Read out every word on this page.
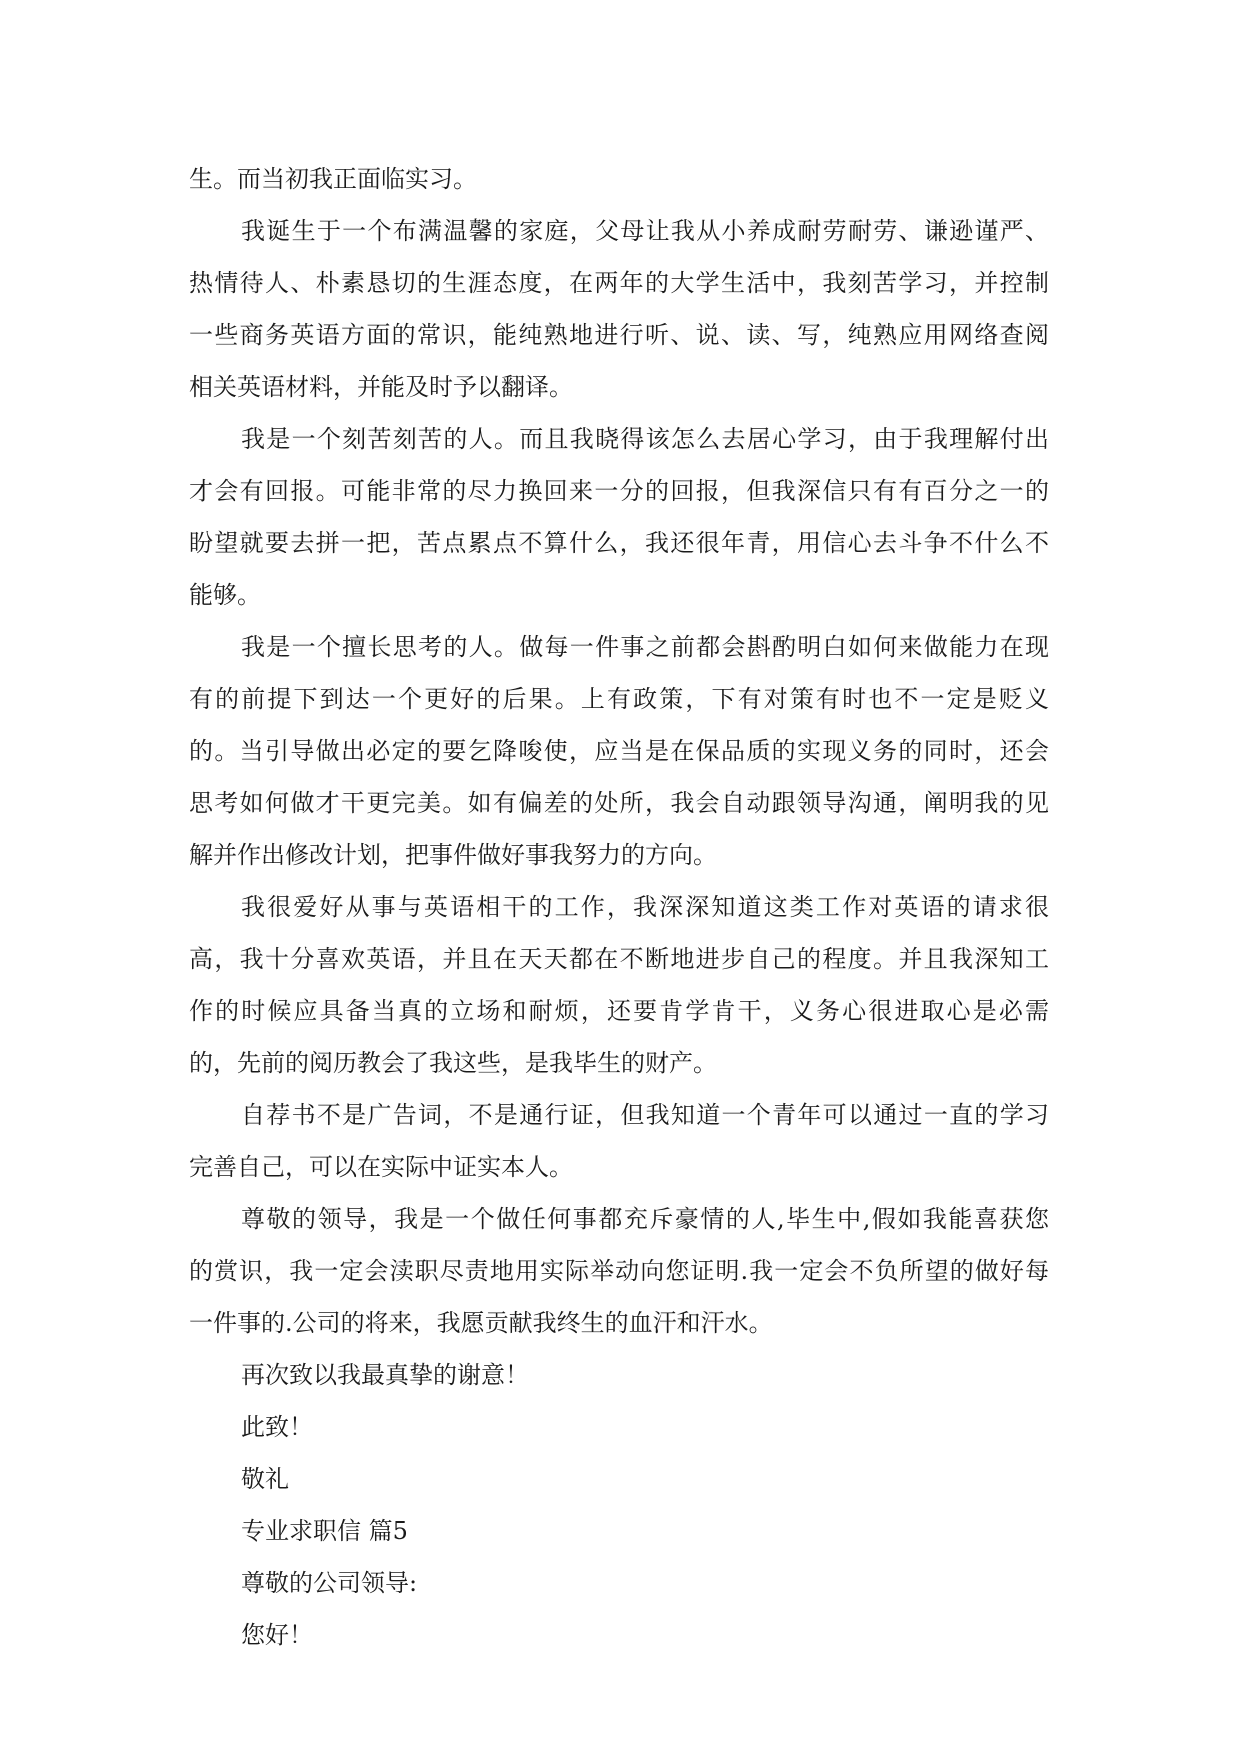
生。而当初我正面临实习。
我诞生于一个布满温馨的家庭，父母让我从小养成耐劳耐劳、谦逊谨严、
热情待人、朴素恳切的生涯态度，在两年的大学生活中，我刻苦学习，并控制
一些商务英语方面的常识，能纯熟地进行听、说、读、写，纯熟应用网络查阅
相关英语材料，并能及时予以翻译。
我是一个刻苦刻苦的人。而且我晓得该怎么去居心学习，由于我理解付出
才会有回报。可能非常的尽力换回来一分的回报，但我深信只有有百分之一的
盼望就要去拼一把，苦点累点不算什么，我还很年青，用信心去斗争不什么不
能够。
我是一个擅长思考的人。做每一件事之前都会斟酌明白如何来做能力在现
有的前提下到达一个更好的后果。上有政策，下有对策有时也不一定是贬义
的。当引导做出必定的要乞降唆使，应当是在保品质的实现义务的同时，还会
思考如何做才干更完美。如有偏差的处所，我会自动跟领导沟通，阐明我的见
解并作出修改计划，把事件做好事我努力的方向。
我很爱好从事与英语相干的工作，我深深知道这类工作对英语的请求很
高，我十分喜欢英语，并且在天天都在不断地进步自己的程度。并且我深知工
作的时候应具备当真的立场和耐烦，还要肯学肯干，义务心很进取心是必需
的，先前的阅历教会了我这些，是我毕生的财产。
自荐书不是广告词，不是通行证，但我知道一个青年可以通过一直的学习
完善自己，可以在实际中证实本人。
尊敬的领导，我是一个做任何事都充斥豪情的人,毕生中,假如我能喜获您
的赏识，我一定会渎职尽责地用实际举动向您证明.我一定会不负所望的做好每
一件事的.公司的将来，我愿贡献我终生的血汗和汗水。
再次致以我最真挚的谢意！
此致！
敬礼
专业求职信 篇5
尊敬的公司领导:
您好！
